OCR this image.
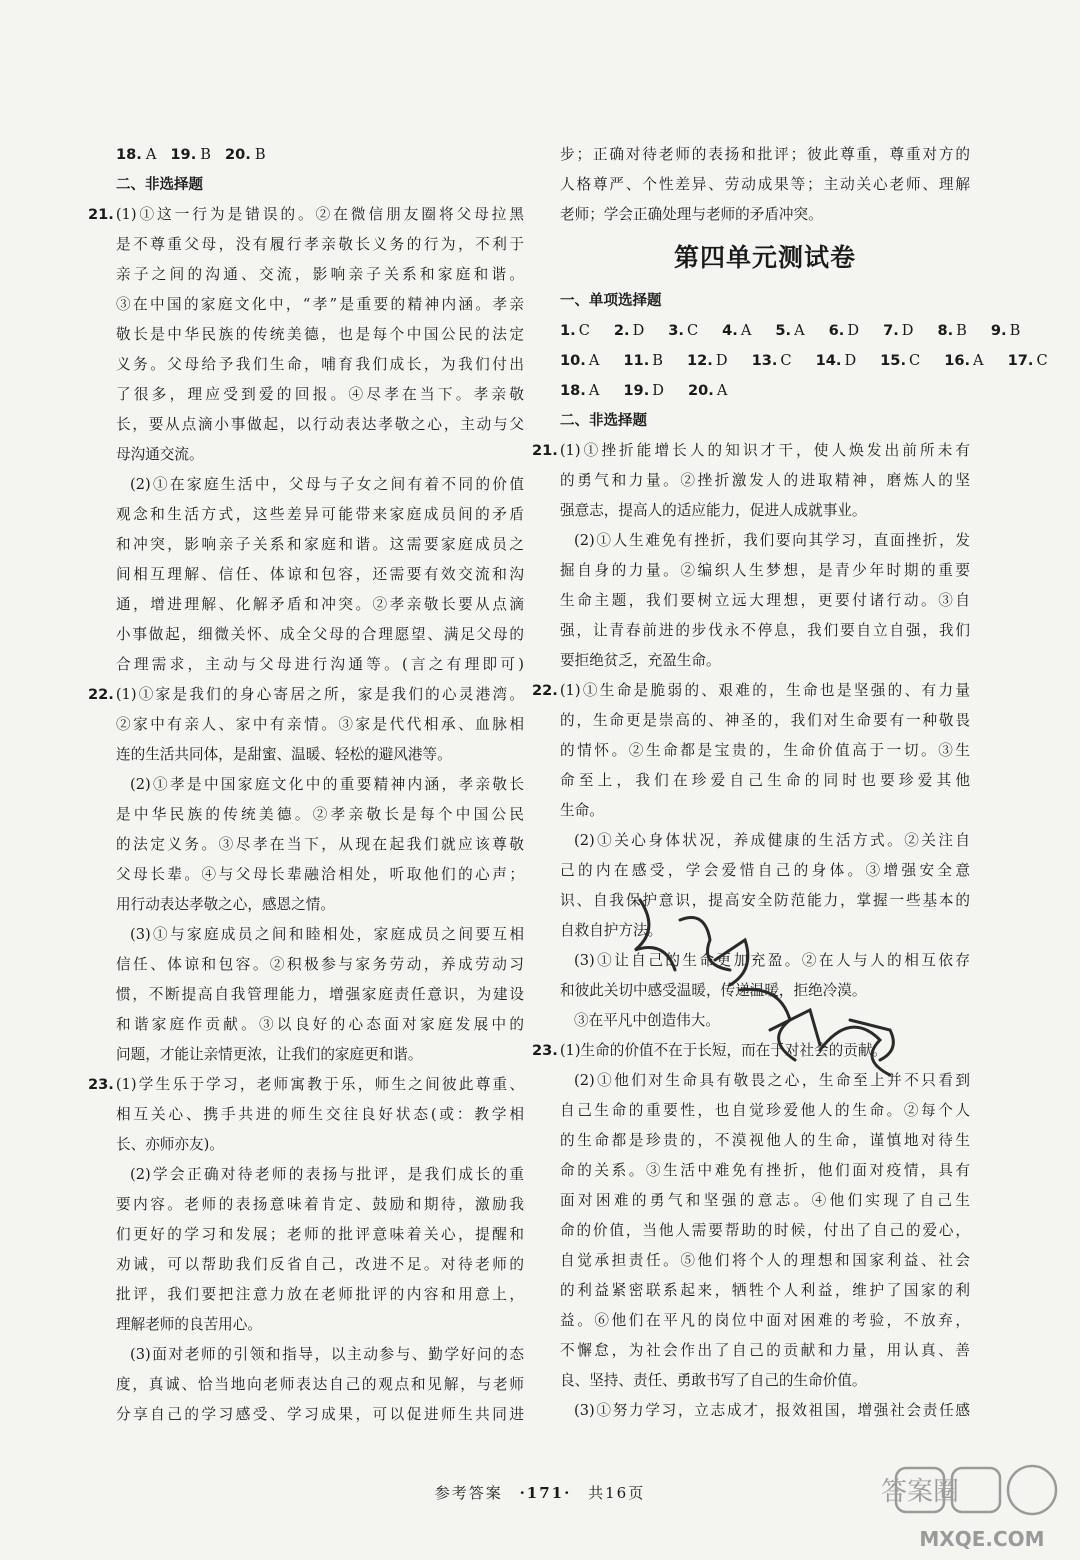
18. A 19. B 20. B
二、非选择题
21. (1)①这一行为是错误的。②在微信朋友圈将父母拉黑
是不尊重父母，没有履行孝亲敬长义务的行为，不利于
亲子之间的沟通、交流，影响亲子关系和家庭和谐。
③在中国的家庭文化中，“孝”是重要的精神内涵。孝亲
敬长是中华民族的传统美德，也是每个中国公民的法定
义务。父母给予我们生命，哺育我们成长，为我们付出
了很多，理应受到爱的回报。④尽孝在当下。孝亲敬
长，要从点滴小事做起，以行动表达孝敬之心，主动与父
母沟通交流。
(2)①在家庭生活中，父母与子女之间有着不同的价值
观念和生活方式，这些差异可能带来家庭成员间的矛盾
和冲突，影响亲子关系和家庭和谐。这需要家庭成员之
间相互理解、信任、体谅和包容，还需要有效交流和沟
通，增进理解、化解矛盾和冲突。②孝亲敬长要从点滴
小事做起，细微关怀、成全父母的合理愿望、满足父母的
合理需求，主动与父母进行沟通等。(言之有理即可)
22. (1)①家是我们的身心寄居之所，家是我们的心灵港湾。
②家中有亲人、家中有亲情。③家是代代相承、血脉相
连的生活共同体，是甜蜜、温暖、轻松的避风港等。
(2)①孝是中国家庭文化中的重要精神内涵，孝亲敬长
是中华民族的传统美德。②孝亲敬长是每个中国公民
的法定义务。③尽孝在当下，从现在起我们就应该尊敬
父母长辈。④与父母长辈融洽相处，听取他们的心声；
用行动表达孝敬之心，感恩之情。
(3)①与家庭成员之间和睦相处，家庭成员之间要互相
信任、体谅和包容。②积极参与家务劳动，养成劳动习
惯，不断提高自我管理能力，增强家庭责任意识，为建设
和谐家庭作贡献。③以良好的心态面对家庭发展中的
问题，才能让亲情更浓，让我们的家庭更和谐。
23. (1)学生乐于学习，老师寓教于乐，师生之间彼此尊重、
相互关心、携手共进的师生交往良好状态(或：教学相
长、亦师亦友)。
(2)学会正确对待老师的表扬与批评，是我们成长的重
要内容。老师的表扬意味着肯定、鼓励和期待，激励我
们更好的学习和发展；老师的批评意味着关心，提醒和
劝诫，可以帮助我们反省自己，改进不足。对待老师的
批评，我们要把注意力放在老师批评的内容和用意上，
理解老师的良苦用心。
(3)面对老师的引领和指导，以主动参与、勤学好问的态
度，真诚、恰当地向老师表达自己的观点和见解，与老师
分享自己的学习感受、学习成果，可以促进师生共同进
步；正确对待老师的表扬和批评；彼此尊重，尊重对方的
人格尊严、个性差异、劳动成果等；主动关心老师、理解
老师；学会正确处理与老师的矛盾冲突。
第四单元测试卷
一、单项选择题
1. C 2. D 3. C 4. A 5. A 6. D 7. D 8. B 9. B
10. A 11. B 12. D 13. C 14. D 15. C 16. A 17. C
18. A 19. D 20. A
二、非选择题
21. (1)①挫折能增长人的知识才干，使人焕发出前所未有
的勇气和力量。②挫折激发人的进取精神，磨炼人的坚
强意志，提高人的适应能力，促进人成就事业。
(2)①人生难免有挫折，我们要向其学习，直面挫折，发
掘自身的力量。②编织人生梦想，是青少年时期的重要
生命主题，我们要树立远大理想，更要付诸行动。③自
强，让青春前进的步伐永不停息，我们要自立自强，我们
要拒绝贫乏，充盈生命。
22. (1)①生命是脆弱的、艰难的，生命也是坚强的、有力量
的，生命更是崇高的、神圣的，我们对生命要有一种敬畏
的情怀。②生命都是宝贵的，生命价值高于一切。③生
命至上，我们在珍爱自己生命的同时也要珍爱其他
生命。
(2)①关心身体状况，养成健康的生活方式。②关注自
己的内在感受，学会爱惜自己的身体。③增强安全意
识、自我保护意识，提高安全防范能力，掌握一些基本的
自救自护方法。
(3)①让自己的生命更加充盈。②在人与人的相互依存
和彼此关切中感受温暖，传递温暖，拒绝冷漠。
③在平凡中创造伟大。
23. (1)生命的价值不在于长短，而在于对社会的贡献。
(2)①他们对生命具有敬畏之心，生命至上并不只看到
自己生命的重要性，也自觉珍爱他人的生命。②每个人
的生命都是珍贵的，不漠视他人的生命，谨慎地对待生
命的关系。③生活中难免有挫折，他们面对疫情，具有
面对困难的勇气和坚强的意志。④他们实现了自己生
命的价值，当他人需要帮助的时候，付出了自己的爱心，
自觉承担责任。⑤他们将个人的理想和国家利益、社会
的利益紧密联系起来，牺牲个人利益，维护了国家的利
益。⑥他们在平凡的岗位中面对困难的考验，不放弃，
不懈怠，为社会作出了自己的贡献和力量，用认真、善
良、坚持、责任、勇敢书写了自己的生命价值。
(3)①努力学习，立志成才，报效祖国，增强社会责任感
答案圈
MXQE.COM
参考答案 ·171· 共16页
